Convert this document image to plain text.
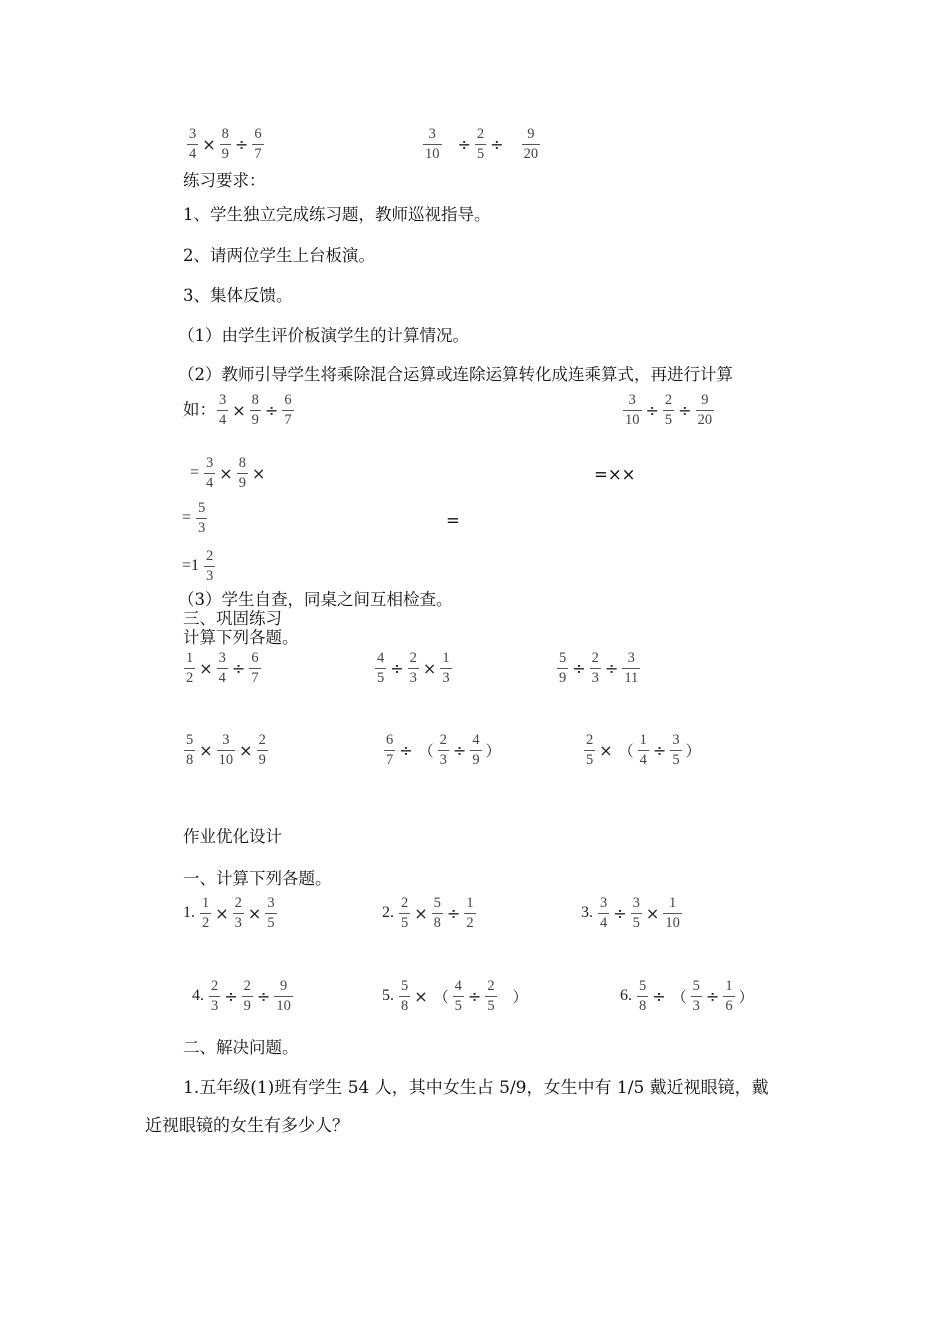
$\frac{3}{4} \times \frac{8}{9} \div \frac{6}{7}$	$\frac{3}{10} \div \frac{2}{5} \div \frac{9}{20}$
练习要求：
1、学生独立完成练习题，教师巡视指导。
2、请两位学生上台板演。
3、集体反馈。
（1）由学生评价板演学生的计算情况。
（2）教师引导学生将乘除混合运算或连除运算转化成连乘算式，再进行计算
如： $\frac{3}{4} \times \frac{8}{9} \div \frac{6}{7}$	$\frac{3}{10} \div \frac{2}{5} \div \frac{9}{20}$
= $\frac{3}{4} \times \frac{8}{9}$ ×	=××
= $\frac{5}{3}$	=
$=1 \frac{2}{3}$
（3）学生自查，同桌之间互相检查。
三、巩固练习
计算下列各题。
$\frac{1}{2} \times \frac{3}{4} \div \frac{6}{7}$	$\frac{4}{5} \div \frac{2}{3} \times \frac{1}{3}$	$\frac{5}{9} \div \frac{2}{3} \div \frac{3}{11}$
$\frac{5}{8} \times \frac{3}{10} \times \frac{2}{9}$	$\frac{6}{7}$ ÷ （ $\frac{2}{3} \div \frac{4}{9}$ ）	$\frac{2}{5}$ × （ $\frac{1}{4} \div \frac{3}{5}$ ）
作业优化设计
一、计算下列各题。
1. $\frac{1}{2} \times \frac{2}{3} \times \frac{3}{5}$	2. $\frac{2}{5} \times \frac{5}{8} \div \frac{1}{2}$	3. $\frac{3}{4} \div \frac{3}{5} \times \frac{1}{10}$
4. $\frac{2}{3} \div \frac{2}{9} \div \frac{9}{10}$	5. $\frac{5}{8}$ × （ $\frac{4}{5} \div \frac{2}{5}$ ）	6. $\frac{5}{8}$ ÷ （ $\frac{5}{3} \div \frac{1}{6}$ ）
二、解决问题。
1.五年级(1)班有学生 54 人，其中女生占 5/9，女生中有 1/5 戴近视眼镜，戴
近视眼镜的女生有多少人？
